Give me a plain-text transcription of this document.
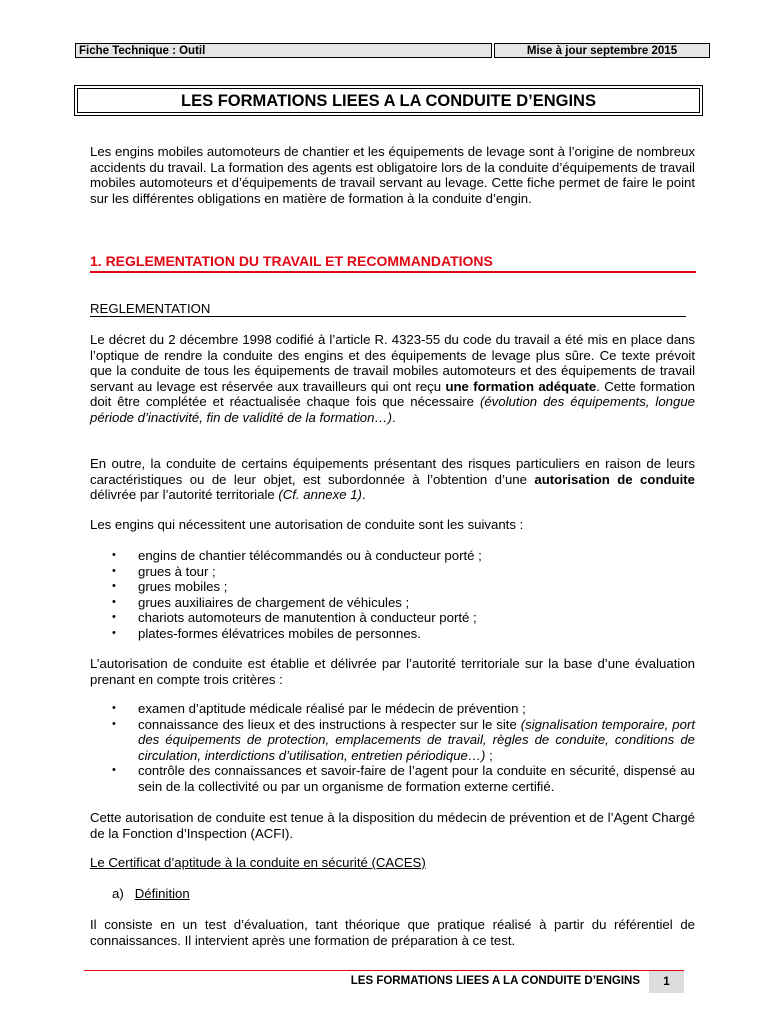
Fiche Technique : Outil	Mise à jour septembre 2015
LES FORMATIONS LIEES A LA CONDUITE D’ENGINS

Les engins mobiles automoteurs de chantier et les équipements de levage sont à l’origine de nombreux accidents du travail. La formation des agents est obligatoire lors de la conduite d’équipements de travail mobiles automoteurs et d’équipements de travail servant au levage. Cette fiche permet de faire le point sur les différentes obligations en matière de formation à la conduite d’engin.

1. REGLEMENTATION DU TRAVAIL ET RECOMMANDATIONS
REGLEMENTATION
Le décret du 2 décembre 1998 codifié à l’article R. 4323-55 du code du travail a été mis en place dans l’optique de rendre la conduite des engins et des équipements de levage plus sûre. Ce texte prévoit que la conduite de tous les équipements de travail mobiles automoteurs et des équipements de travail servant au levage est réservée aux travailleurs qui ont reçu une formation adéquate. Cette formation doit être complétée et réactualisée chaque fois que nécessaire (évolution des équipements, longue période d’inactivité, fin de validité de la formation…).
En outre, la conduite de certains équipements présentant des risques particuliers en raison de leurs caractéristiques ou de leur objet, est subordonnée à l’obtention d’une autorisation de conduite délivrée par l’autorité territoriale (Cf. annexe 1).
Les engins qui nécessitent une autorisation de conduite sont les suivants :
• engins de chantier télécommandés ou à conducteur porté ;
• grues à tour ;
• grues mobiles ;
• grues auxiliaires de chargement de véhicules ;
• chariots automoteurs de manutention à conducteur porté ;
• plates-formes élévatrices mobiles de personnes.
L’autorisation de conduite est établie et délivrée par l’autorité territoriale sur la base d’une évaluation prenant en compte trois critères :
• examen d’aptitude médicale réalisé par le médecin de prévention ;
• connaissance des lieux et des instructions à respecter sur le site (signalisation temporaire, port des équipements de protection, emplacements de travail, règles de conduite, conditions de circulation, interdictions d’utilisation, entretien périodique…) ;
• contrôle des connaissances et savoir-faire de l’agent pour la conduite en sécurité, dispensé au sein de la collectivité ou par un organisme de formation externe certifié.
Cette autorisation de conduite est tenue à la disposition du médecin de prévention et de l’Agent Chargé de la Fonction d’Inspection (ACFI).
Le Certificat d’aptitude à la conduite en sécurité (CACES)
a) Définition
Il consiste en un test d’évaluation, tant théorique que pratique réalisé à partir du référentiel de connaissances. Il intervient après une formation de préparation à ce test.
LES FORMATIONS LIEES A LA CONDUITE D’ENGINS	1
